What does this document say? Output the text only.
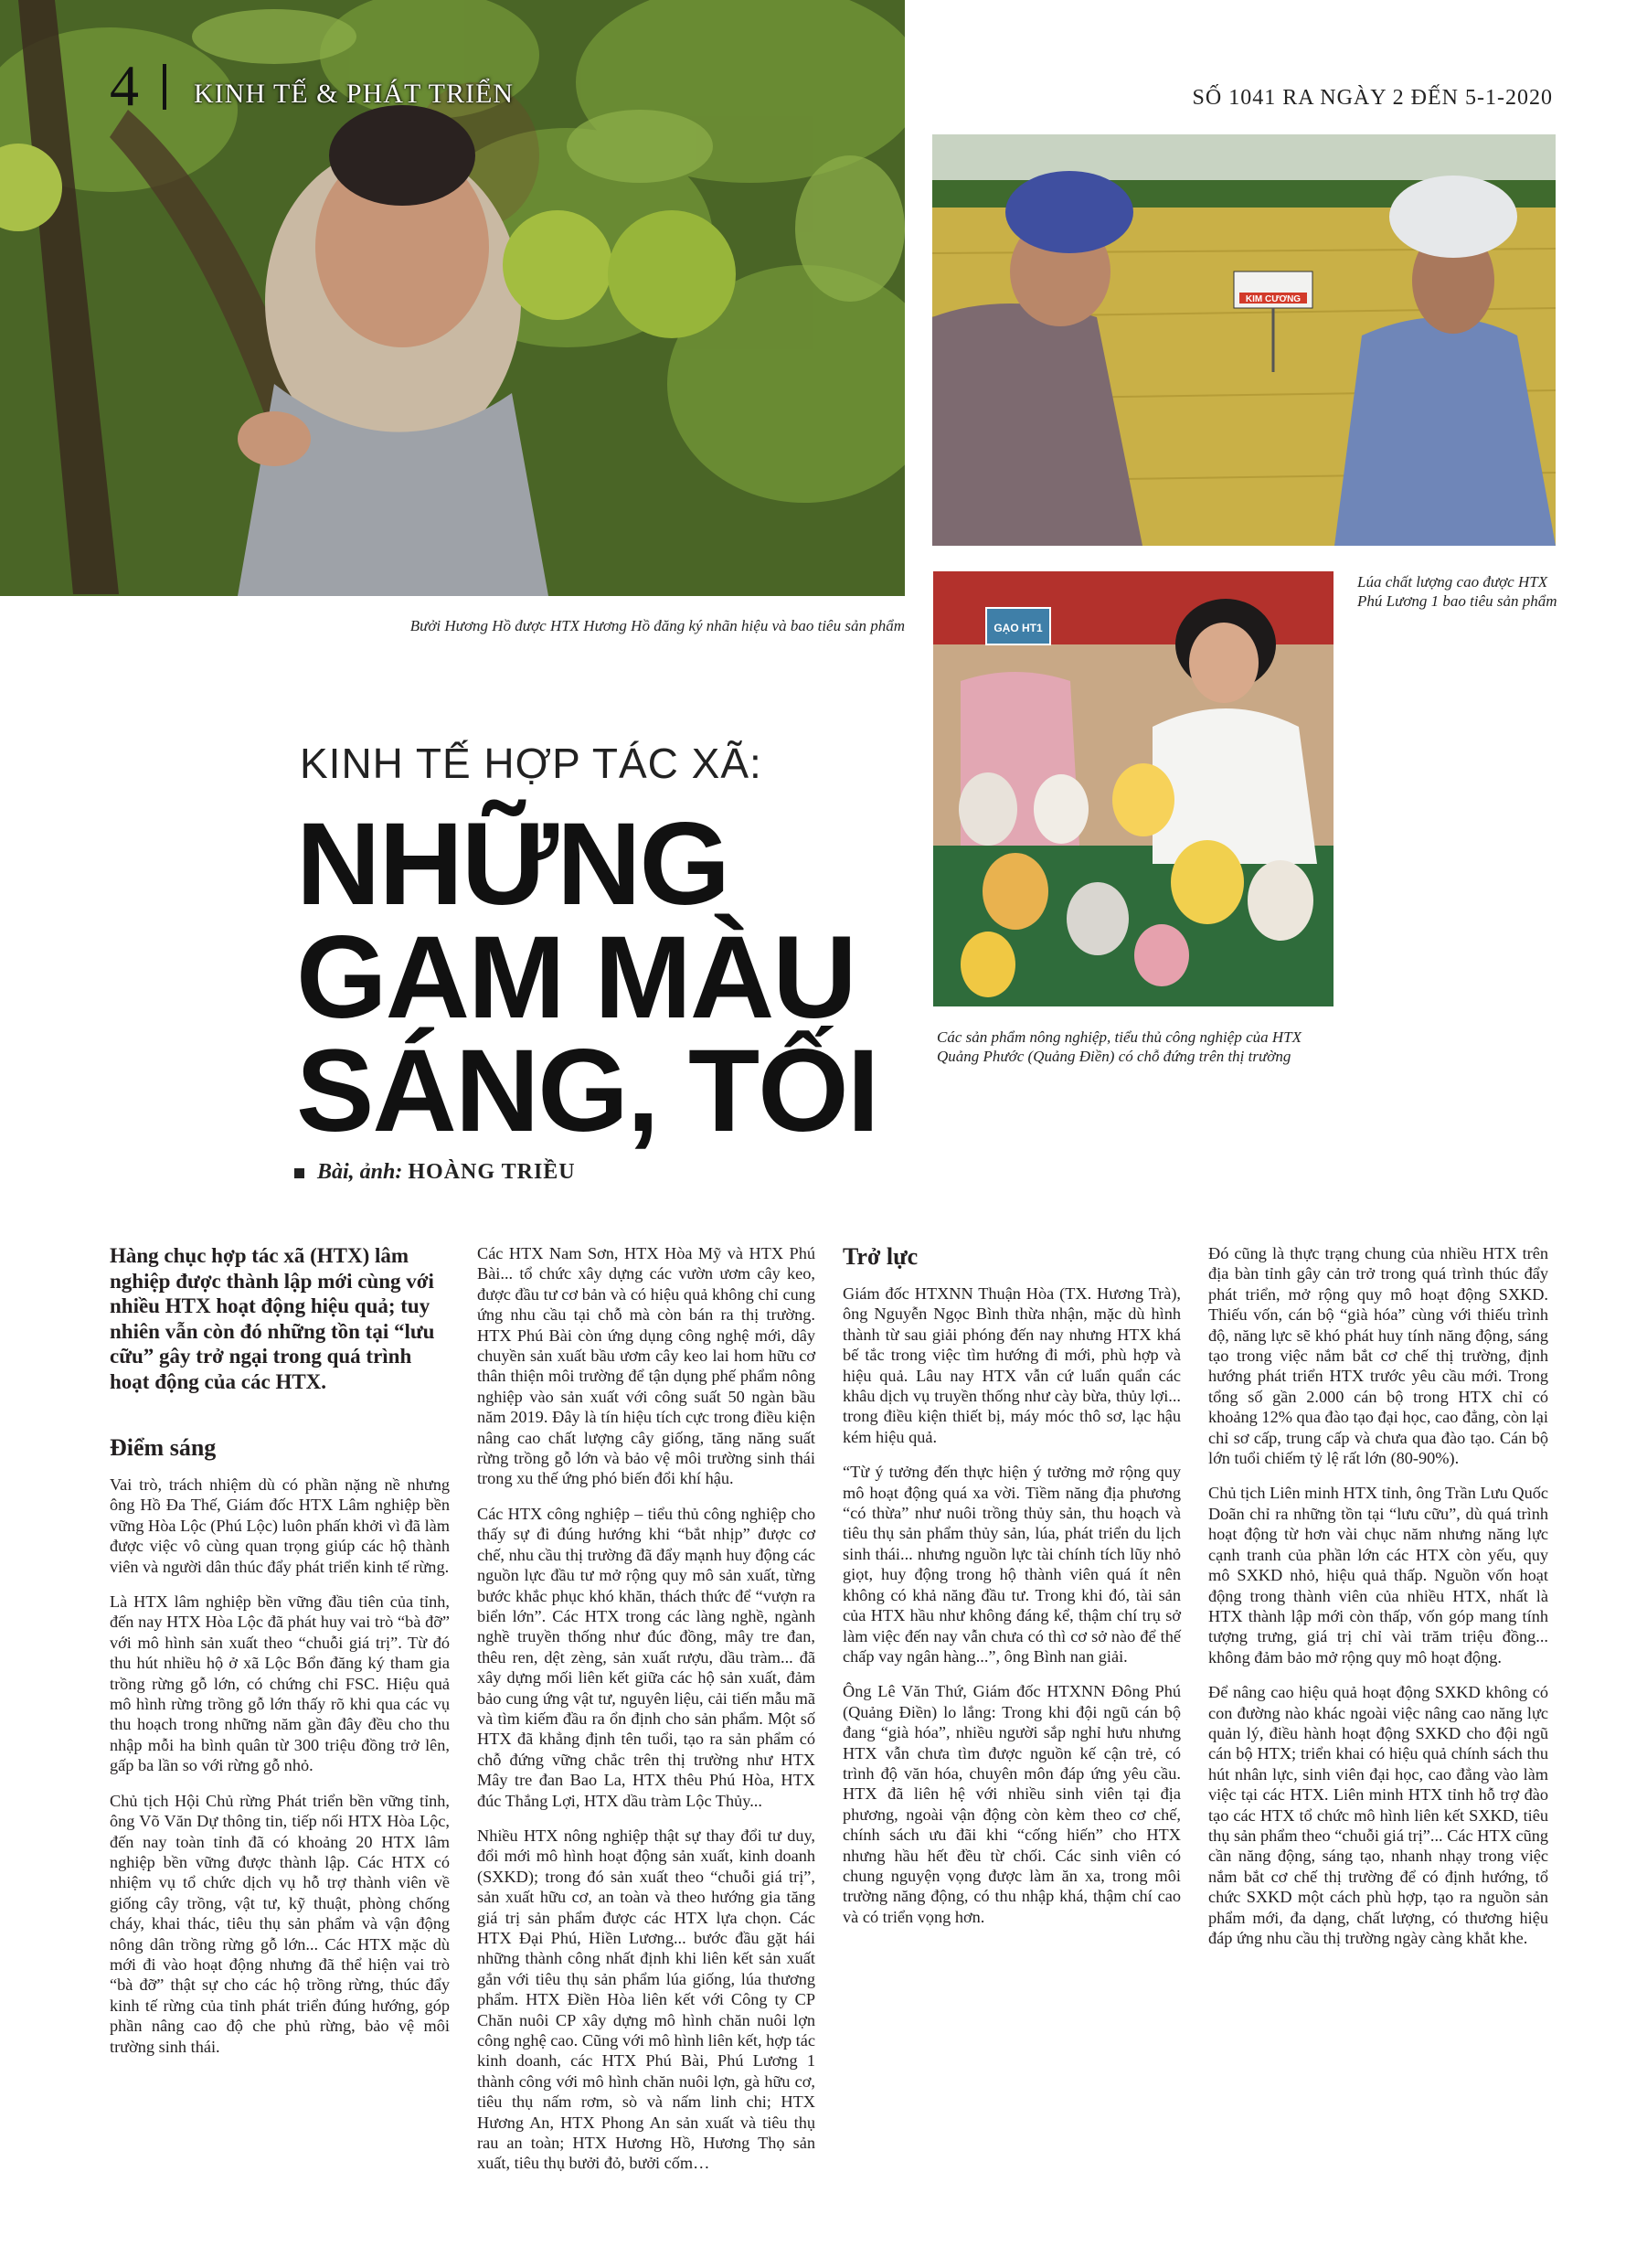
4 KINH TẾ & PHÁT TRIỂN	SỐ 1041 RA NGÀY 2 ĐẾN 5-1-2020
Bưởi Hương Hồ được HTX Hương Hồ đăng ký nhãn hiệu và bao tiêu sản phẩm
KIM CƯƠNG
Lúa chất lượng cao được HTX Phú Lương 1 bao tiêu sản phẩm
GẠO HT1
Các sản phẩm nông nghiệp, tiểu thủ công nghiệp của HTX Quảng Phước (Quảng Điền) có chỗ đứng trên thị trường
KINH TẾ HỢP TÁC XÃ:
NHỮNG GAM MÀU SÁNG, TỐI
Bài, ảnh: HOÀNG TRIỀU

Hàng chục hợp tác xã (HTX) lâm nghiệp được thành lập mới cùng với nhiều HTX hoạt động hiệu quả; tuy nhiên vẫn còn đó những tồn tại “lưu cữu” gây trở ngại trong quá trình hoạt động của các HTX.

Điểm sáng

Vai trò, trách nhiệm dù có phần nặng nề nhưng ông Hồ Đa Thế, Giám đốc HTX Lâm nghiệp bền vững Hòa Lộc (Phú Lộc) luôn phấn khởi vì đã làm được việc vô cùng quan trọng giúp các hộ thành viên và người dân thúc đẩy phát triển kinh tế rừng.

Là HTX lâm nghiệp bền vững đầu tiên của tỉnh, đến nay HTX Hòa Lộc đã phát huy vai trò “bà đỡ” với mô hình sản xuất theo “chuỗi giá trị”. Từ đó thu hút nhiều hộ ở xã Lộc Bổn đăng ký tham gia trồng rừng gỗ lớn, có chứng chỉ FSC. Hiệu quả mô hình rừng trồng gỗ lớn thấy rõ khi qua các vụ thu hoạch trong những năm gần đây đều cho thu nhập mỗi ha bình quân từ 300 triệu đồng trở lên, gấp ba lần so với rừng gỗ nhỏ.

Chủ tịch Hội Chủ rừng Phát triển bền vững tỉnh, ông Võ Văn Dự thông tin, tiếp nối HTX Hòa Lộc, đến nay toàn tỉnh đã có khoảng 20 HTX lâm nghiệp bền vững được thành lập. Các HTX có nhiệm vụ tổ chức dịch vụ hỗ trợ thành viên về giống cây trồng, vật tư, kỹ thuật, phòng chống cháy, khai thác, tiêu thụ sản phẩm và vận động nông dân trồng rừng gỗ lớn... Các HTX mặc dù mới đi vào hoạt động nhưng đã thể hiện vai trò “bà đỡ” thật sự cho các hộ trồng rừng, thúc đẩy kinh tế rừng của tỉnh phát triển đúng hướng, góp phần nâng cao độ che phủ rừng, bảo vệ môi trường sinh thái.

Các HTX Nam Sơn, HTX Hòa Mỹ và HTX Phú Bài... tổ chức xây dựng các vườn ươm cây keo, được đầu tư cơ bản và có hiệu quả không chỉ cung ứng nhu cầu tại chỗ mà còn bán ra thị trường. HTX Phú Bài còn ứng dụng công nghệ mới, dây chuyền sản xuất bầu ươm cây keo lai hom hữu cơ thân thiện môi trường để tận dụng phế phẩm nông nghiệp vào sản xuất với công suất 50 ngàn bầu năm 2019. Đây là tín hiệu tích cực trong điều kiện nâng cao chất lượng cây giống, tăng năng suất rừng trồng gỗ lớn và bảo vệ môi trường sinh thái trong xu thế ứng phó biến đổi khí hậu.

Các HTX công nghiệp – tiểu thủ công nghiệp cho thấy sự đi đúng hướng khi “bắt nhịp” được cơ chế, nhu cầu thị trường đã đẩy mạnh huy động các nguồn lực đầu tư mở rộng quy mô sản xuất, từng bước khắc phục khó khăn, thách thức để “vượn ra biển lớn”. Các HTX trong các làng nghề, ngành nghề truyền thống như đúc đồng, mây tre đan, thêu ren, dệt zèng, sản xuất rượu, dầu tràm... đã xây dựng mối liên kết giữa các hộ sản xuất, đảm bảo cung ứng vật tư, nguyên liệu, cải tiến mẫu mã và tìm kiếm đầu ra ổn định cho sản phẩm. Một số HTX đã khẳng định tên tuổi, tạo ra sản phẩm có chỗ đứng vững chắc trên thị trường như HTX Mây tre đan Bao La, HTX thêu Phú Hòa, HTX đúc Thắng Lợi, HTX dầu tràm Lộc Thủy...

Nhiều HTX nông nghiệp thật sự thay đổi tư duy, đổi mới mô hình hoạt động sản xuất, kinh doanh (SXKD); trong đó sản xuất theo “chuỗi giá trị”, sản xuất hữu cơ, an toàn và theo hướng gia tăng giá trị sản phẩm được các HTX lựa chọn. Các HTX Đại Phú, Hiền Lương... bước đầu gặt hái những thành công nhất định khi liên kết sản xuất gắn với tiêu thụ sản phẩm lúa giống, lúa thương phẩm. HTX Điền Hòa liên kết với Công ty CP Chăn nuôi CP xây dựng mô hình chăn nuôi lợn công nghệ cao. Cũng với mô hình liên kết, hợp tác kinh doanh, các HTX Phú Bài, Phú Lương 1 thành công với mô hình chăn nuôi lợn, gà hữu cơ, tiêu thụ nấm rơm, sò và nấm linh chi; HTX Hương An, HTX Phong An sản xuất và tiêu thụ rau an toàn; HTX Hương Hồ, Hương Thọ sản xuất, tiêu thụ bưởi đỏ, bưởi cốm…

Trở lực

Giám đốc HTXNN Thuận Hòa (TX. Hương Trà), ông Nguyễn Ngọc Bình thừa nhận, mặc dù hình thành từ sau giải phóng đến nay nhưng HTX khá bế tắc trong việc tìm hướng đi mới, phù hợp và hiệu quả. Lâu nay HTX vẫn cứ luẩn quẩn các khâu dịch vụ truyền thống như cày bừa, thủy lợi... trong điều kiện thiết bị, máy móc thô sơ, lạc hậu kém hiệu quả.

“Từ ý tưởng đến thực hiện ý tưởng mở rộng quy mô hoạt động quá xa vời. Tiềm năng địa phương “có thừa” như nuôi trồng thủy sản, thu hoạch và tiêu thụ sản phẩm thủy sản, lúa, phát triển du lịch sinh thái... nhưng nguồn lực tài chính tích lũy nhỏ giọt, huy động trong hộ thành viên quá ít nên không có khả năng đầu tư. Trong khi đó, tài sản của HTX hầu như không đáng kể, thậm chí trụ sở làm việc đến nay vẫn chưa có thì cơ sở nào để thế chấp vay ngân hàng...”, ông Bình nan giải.

Ông Lê Văn Thứ, Giám đốc HTXNN Đông Phú (Quảng Điền) lo lắng: Trong khi đội ngũ cán bộ đang “già hóa”, nhiều người sắp nghỉ hưu nhưng HTX vẫn chưa tìm được nguồn kế cận trẻ, có trình độ văn hóa, chuyên môn đáp ứng yêu cầu. HTX đã liên hệ với nhiều sinh viên tại địa phương, ngoài vận động còn kèm theo cơ chế, chính sách ưu đãi khi “cống hiến” cho HTX nhưng hầu hết đều từ chối. Các sinh viên có chung nguyện vọng được làm ăn xa, trong môi trường năng động, có thu nhập khá, thậm chí cao và có triển vọng hơn.

Đó cũng là thực trạng chung của nhiều HTX trên địa bàn tỉnh gây cản trở trong quá trình thúc đẩy phát triển, mở rộng quy mô hoạt động SXKD. Thiếu vốn, cán bộ “già hóa” cùng với thiếu trình độ, năng lực sẽ khó phát huy tính năng động, sáng tạo trong việc nắm bắt cơ chế thị trường, định hướng phát triển HTX trước yêu cầu mới. Trong tổng số gần 2.000 cán bộ trong HTX chỉ có khoảng 12% qua đào tạo đại học, cao đẳng, còn lại chỉ sơ cấp, trung cấp và chưa qua đào tạo. Cán bộ lớn tuổi chiếm tỷ lệ rất lớn (80-90%).

Chủ tịch Liên minh HTX tỉnh, ông Trần Lưu Quốc Doãn chỉ ra những tồn tại “lưu cữu”, dù quá trình hoạt động từ hơn vài chục năm nhưng năng lực cạnh tranh của phần lớn các HTX còn yếu, quy mô SXKD nhỏ, hiệu quả thấp. Nguồn vốn hoạt động trong thành viên của nhiều HTX, nhất là HTX thành lập mới còn thấp, vốn góp mang tính tượng trưng, giá trị chỉ vài trăm triệu đồng... không đảm bảo mở rộng quy mô hoạt động.

Để nâng cao hiệu quả hoạt động SXKD không có con đường nào khác ngoài việc nâng cao năng lực quản lý, điều hành hoạt động SXKD cho đội ngũ cán bộ HTX; triển khai có hiệu quả chính sách thu hút nhân lực, sinh viên đại học, cao đẳng vào làm việc tại các HTX. Liên minh HTX tỉnh hỗ trợ đào tạo các HTX tổ chức mô hình liên kết SXKD, tiêu thụ sản phẩm theo “chuỗi giá trị”... Các HTX cũng cần năng động, sáng tạo, nhanh nhạy trong việc nắm bắt cơ chế thị trường để có định hướng, tổ chức SXKD một cách phù hợp, tạo ra nguồn sản phẩm mới, đa dạng, chất lượng, có thương hiệu đáp ứng nhu cầu thị trường ngày càng khắt khe.
